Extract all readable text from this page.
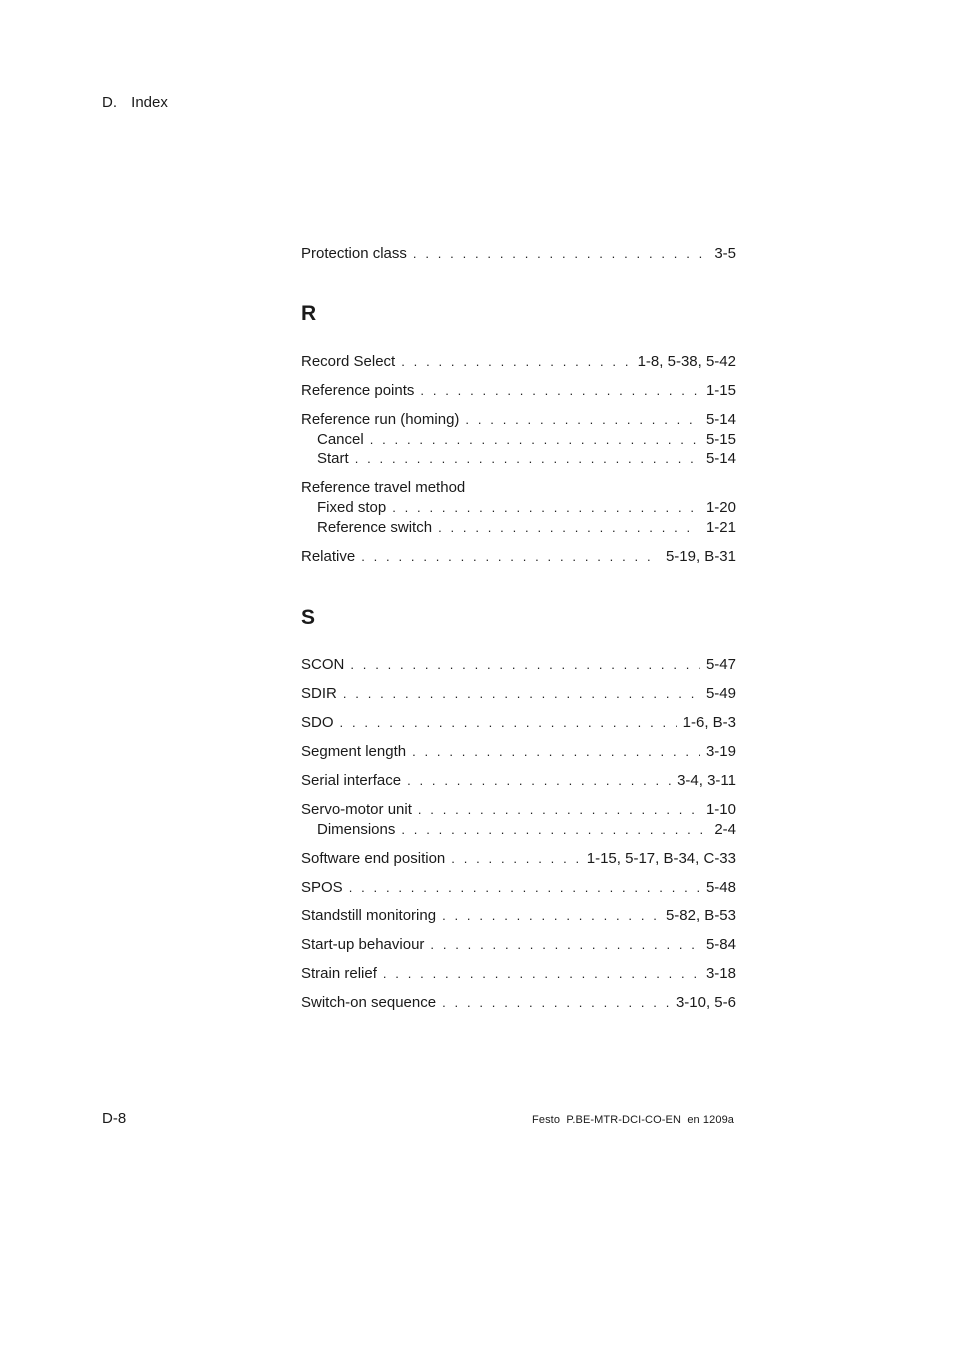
D. Index
Protection class . . .	3-5
R
Record Select . . .	1-8, 5-38, 5-42
Reference points . . .	1-15
Reference run (homing) . . .	5-14
Cancel . . .	5-15
Start . . .	5-14
Reference travel method
Fixed stop . . .	1-20
Reference switch . . .	1-21
Relative . . .	5-19, B-31
S
SCON . . .	5-47
SDIR . . .	5-49
SDO . . .	1-6, B-3
Segment length . . .	3-19
Serial interface . . .	3-4, 3-11
Servo-motor unit . . .	1-10
Dimensions . . .	2-4
Software end position . . .	1-15, 5-17, B-34, C-33
SPOS . . .	5-48
Standstill monitoring . . .	5-82, B-53
Start-up behaviour . . .	5-84
Strain relief . . .	3-18
Switch-on sequence . . .	3-10, 5-6
D-8	Festo  P.BE-MTR-DCI-CO-EN  en 1209a
